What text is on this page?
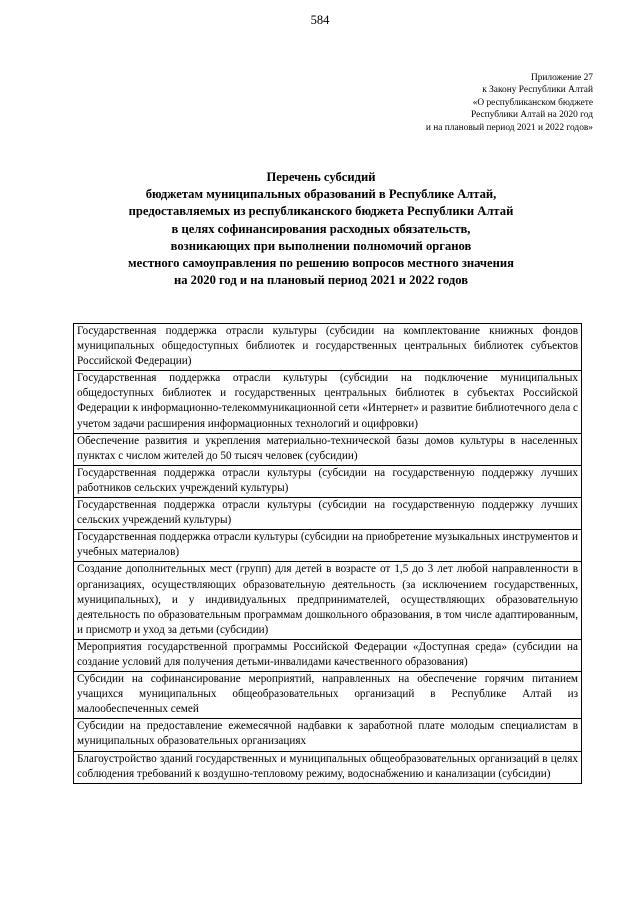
584
Приложение 27
к Закону Республики Алтай
«О республиканском бюджете
Республики Алтай на 2020 год
и на плановый период 2021 и 2022 годов»
Перечень субсидий
бюджетам муниципальных образований в Республике Алтай,
предоставляемых из республиканского бюджета Республики Алтай
в целях софинансирования расходных обязательств,
возникающих при выполнении полномочий органов
местного самоуправления по решению вопросов местного значения
на 2020 год и на плановый период 2021 и 2022 годов
Государственная поддержка отрасли культуры (субсидии на комплектование книжных фондов муниципальных общедоступных библиотек и государственных центральных библиотек субъектов Российской Федерации)
Государственная поддержка отрасли культуры (субсидии на подключение муниципальных общедоступных библиотек и государственных центральных библиотек в субъектах Российской Федерации к информационно-телекоммуникационной сети «Интернет» и развитие библиотечного дела с учетом задачи расширения информационных технологий и оцифровки)
Обеспечение развития и укрепления материально-технической базы домов культуры в населенных пунктах с числом жителей до 50 тысяч человек (субсидии)
Государственная поддержка отрасли культуры (субсидии на государственную поддержку лучших работников сельских учреждений культуры)
Государственная поддержка отрасли культуры (субсидии на государственную поддержку лучших сельских учреждений культуры)
Государственная поддержка отрасли культуры (субсидии на приобретение музыкальных инструментов и учебных материалов)
Создание дополнительных мест (групп) для детей в возрасте от 1,5 до 3 лет любой направленности в организациях, осуществляющих образовательную деятельность (за исключением государственных, муниципальных), и у индивидуальных предпринимателей, осуществляющих образовательную деятельность по образовательным программам дошкольного образования, в том числе адаптированным, и присмотр и уход за детьми (субсидии)
Мероприятия государственной программы Российской Федерации «Доступная среда» (субсидии на создание условий для получения детьми-инвалидами качественного образования)
Субсидии на софинансирование мероприятий, направленных на обеспечение горячим питанием учащихся муниципальных общеобразовательных организаций в Республике Алтай из малообеспеченных семей
Субсидии на предоставление ежемесячной надбавки к заработной плате молодым специалистам в муниципальных образовательных организациях
Благоустройство зданий государственных и муниципальных общеобразовательных организаций в целях соблюдения требований к воздушно-тепловому режиму, водоснабжению и канализации (субсидии)
